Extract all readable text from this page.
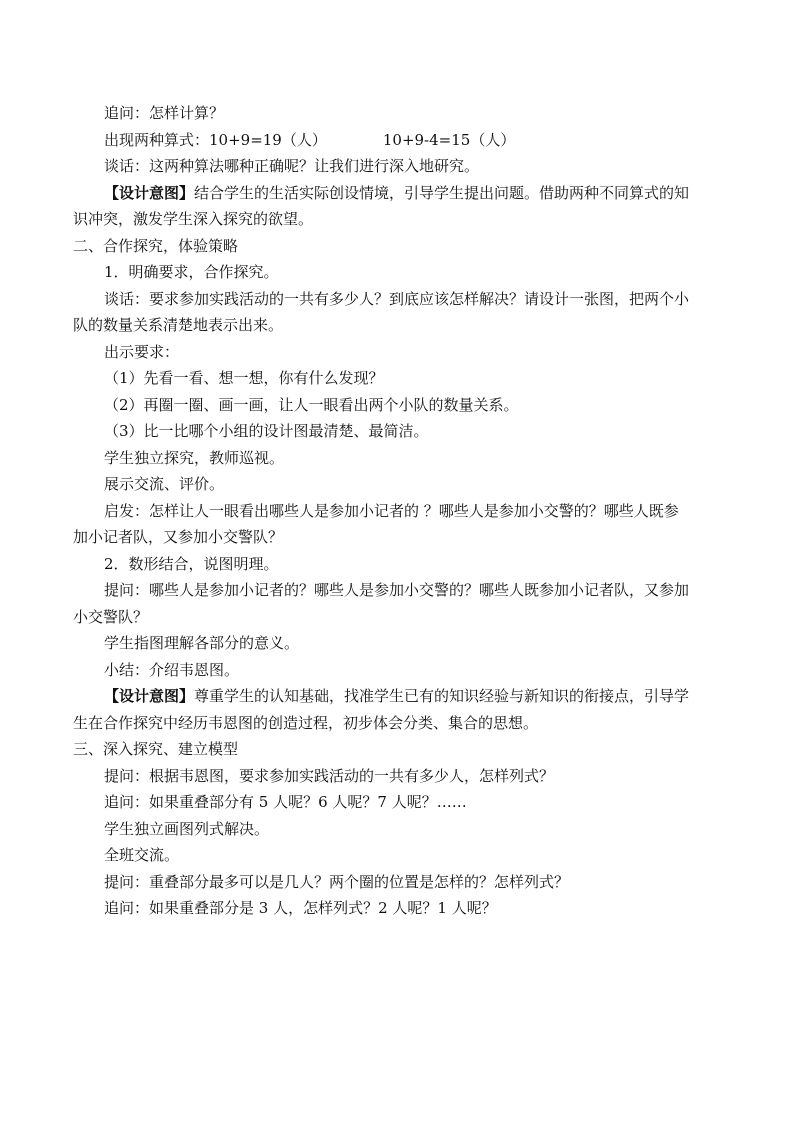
追问：怎样计算？
出现两种算式：10+9=19（人）	10+9-4=15（人）
谈话：这两种算法哪种正确呢？让我们进行深入地研究。
【设计意图】结合学生的生活实际创设情境，引导学生提出问题。借助两种不同算式的知
识冲突，激发学生深入探究的欲望。
二、合作探究，体验策略
1．明确要求，合作探究。
谈话：要求参加实践活动的一共有多少人？到底应该怎样解决？请设计一张图，把两个小
队的数量关系清楚地表示出来。
出示要求：
（1）先看一看、想一想，你有什么发现？
（2）再圈一圈、画一画，让人一眼看出两个小队的数量关系。
（3）比一比哪个小组的设计图最清楚、最简洁。
学生独立探究，教师巡视。
展示交流、评价。
启发：怎样让人一眼看出哪些人是参加小记者的 ？哪些人是参加小交警的？哪些人既参
加小记者队，又参加小交警队？
2．数形结合，说图明理。
提问：哪些人是参加小记者的？哪些人是参加小交警的？哪些人既参加小记者队，又参加
小交警队？
学生指图理解各部分的意义。
小结：介绍韦恩图。
【设计意图】尊重学生的认知基础，找准学生已有的知识经验与新知识的衔接点，引导学
生在合作探究中经历韦恩图的创造过程，初步体会分类、集合的思想。
三、深入探究、建立模型
提问：根据韦恩图，要求参加实践活动的一共有多少人，怎样列式？
追问：如果重叠部分有 5 人呢？6 人呢？7 人呢？……
学生独立画图列式解决。
全班交流。
提问：重叠部分最多可以是几人？两个圈的位置是怎样的？怎样列式？
追问：如果重叠部分是 3 人，怎样列式？2 人呢？1 人呢？
